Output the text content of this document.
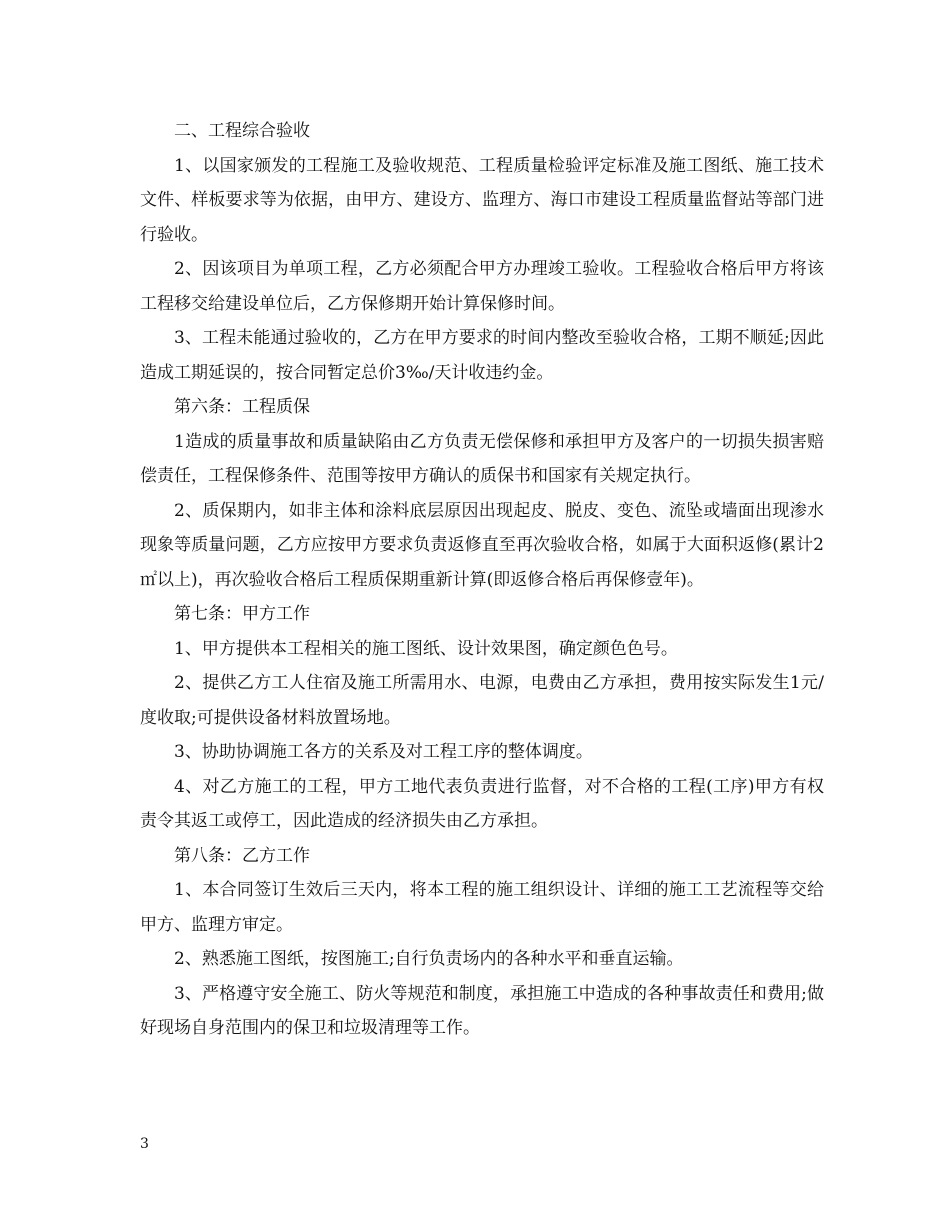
二、工程综合验收

1、以国家颁发的工程施工及验收规范、工程质量检验评定标准及施工图纸、施工技术文件、样板要求等为依据，由甲方、建设方、监理方、海口市建设工程质量监督站等部门进行验收。

2、因该项目为单项工程，乙方必须配合甲方办理竣工验收。工程验收合格后甲方将该工程移交给建设单位后，乙方保修期开始计算保修时间。

3、工程未能通过验收的，乙方在甲方要求的时间内整改至验收合格，工期不顺延;因此造成工期延误的，按合同暂定总价3‰/天计收违约金。

第六条：工程质保

1造成的质量事故和质量缺陷由乙方负责无偿保修和承担甲方及客户的一切损失损害赔偿责任，工程保修条件、范围等按甲方确认的质保书和国家有关规定执行。

2、质保期内，如非主体和涂料底层原因出现起皮、脱皮、变色、流坠或墙面出现渗水现象等质量问题，乙方应按甲方要求负责返修直至再次验收合格，如属于大面积返修(累计2㎡以上)，再次验收合格后工程质保期重新计算(即返修合格后再保修壹年)。

第七条：甲方工作

1、甲方提供本工程相关的施工图纸、设计效果图，确定颜色色号。

2、提供乙方工人住宿及施工所需用水、电源，电费由乙方承担，费用按实际发生1元/度收取;可提供设备材料放置场地。

3、协助协调施工各方的关系及对工程工序的整体调度。

4、对乙方施工的工程，甲方工地代表负责进行监督，对不合格的工程(工序)甲方有权责令其返工或停工，因此造成的经济损失由乙方承担。

第八条：乙方工作

1、本合同签订生效后三天内，将本工程的施工组织设计、详细的施工工艺流程等交给甲方、监理方审定。

2、熟悉施工图纸，按图施工;自行负责场内的各种水平和垂直运输。

3、严格遵守安全施工、防火等规范和制度，承担施工中造成的各种事故责任和费用;做好现场自身范围内的保卫和垃圾清理等工作。

3
